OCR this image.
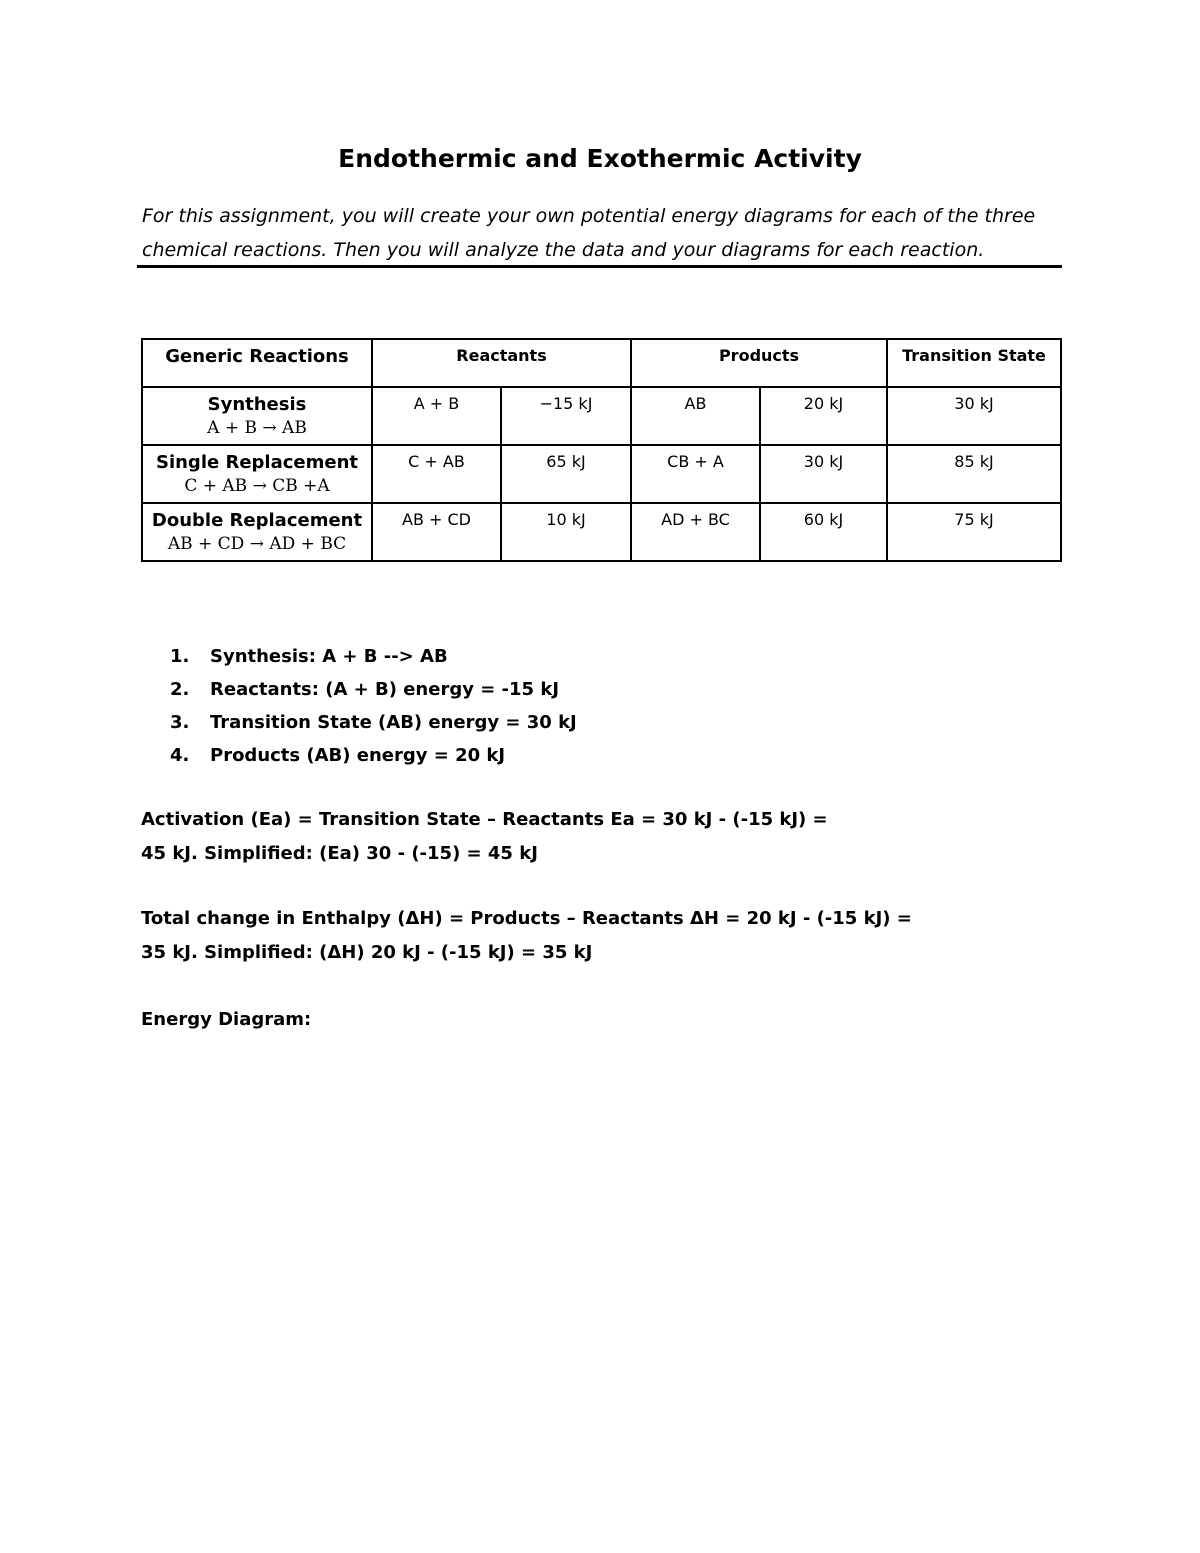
Endothermic and Exothermic Activity
For this assignment, you will create your own potential energy diagrams for each of the three
chemical reactions. Then you will analyze the data and your diagrams for each reaction.
Generic Reactions	Reactants		Products		Transition State

Synthesis
A + B → AB	A + B	−15 kJ	AB	20 kJ	30 kJ

Single Replacement
C + AB → CB +A	C + AB	65 kJ	CB + A	30 kJ	85 kJ

Double Replacement
AB + CD → AD + BC	AB + CD	10 kJ	AD + BC	60 kJ	75 kJ
1. Synthesis: A + B --> AB
2. Reactants: (A + B) energy = -15 kJ
3. Transition State (AB) energy = 30 kJ
4. Products (AB) energy = 20 kJ
Activation (Ea) = Transition State – Reactants Ea = 30 kJ - (-15 kJ) =
45 kJ. Simplified: (Ea) 30 - (-15) = 45 kJ
Total change in Enthalpy (ΔH) = Products – Reactants ΔH = 20 kJ - (-15 kJ) =
35 kJ. Simplified: (ΔH) 20 kJ - (-15 kJ) = 35 kJ
Energy Diagram:
